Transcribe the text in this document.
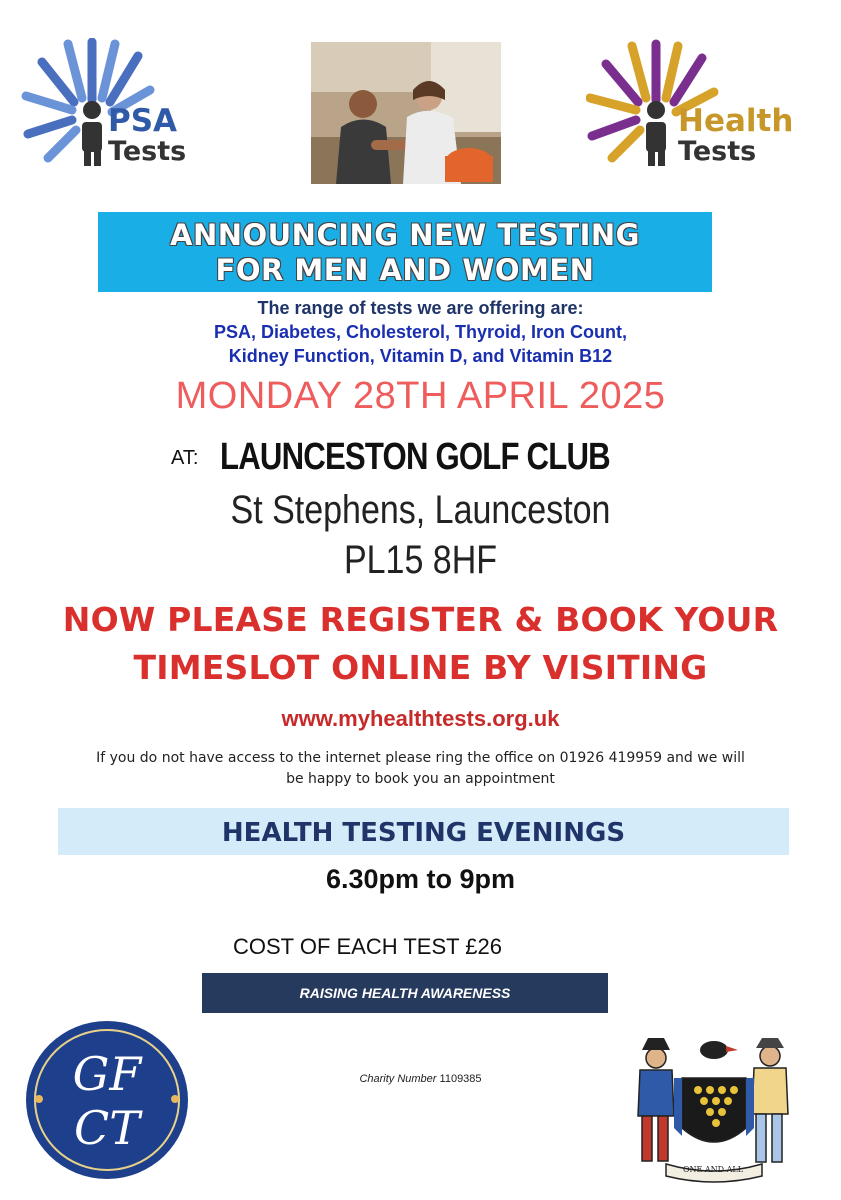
PSA
Tests
Health
Tests
ANNOUNCING NEW TESTING
FOR MEN AND WOMEN
The range of tests we are offering are:
PSA, Diabetes, Cholesterol, Thyroid, Iron Count,
Kidney Function, Vitamin D, and Vitamin B12
MONDAY 28TH APRIL 2025
AT: LAUNCESTON GOLF CLUB
St Stephens, Launceston
PL15 8HF
NOW PLEASE REGISTER & BOOK YOUR
TIMESLOT ONLINE BY VISITING
www.myhealthtests.org.uk
If you do not have access to the internet please ring the office on 01926 419959 and we will
be happy to book you an appointment
HEALTH TESTING EVENINGS
6.30pm to 9pm
COST OF EACH TEST £26
RAISING HEALTH AWARENESS
GF
CT
Charity Number 1109385
ONE AND ALL
